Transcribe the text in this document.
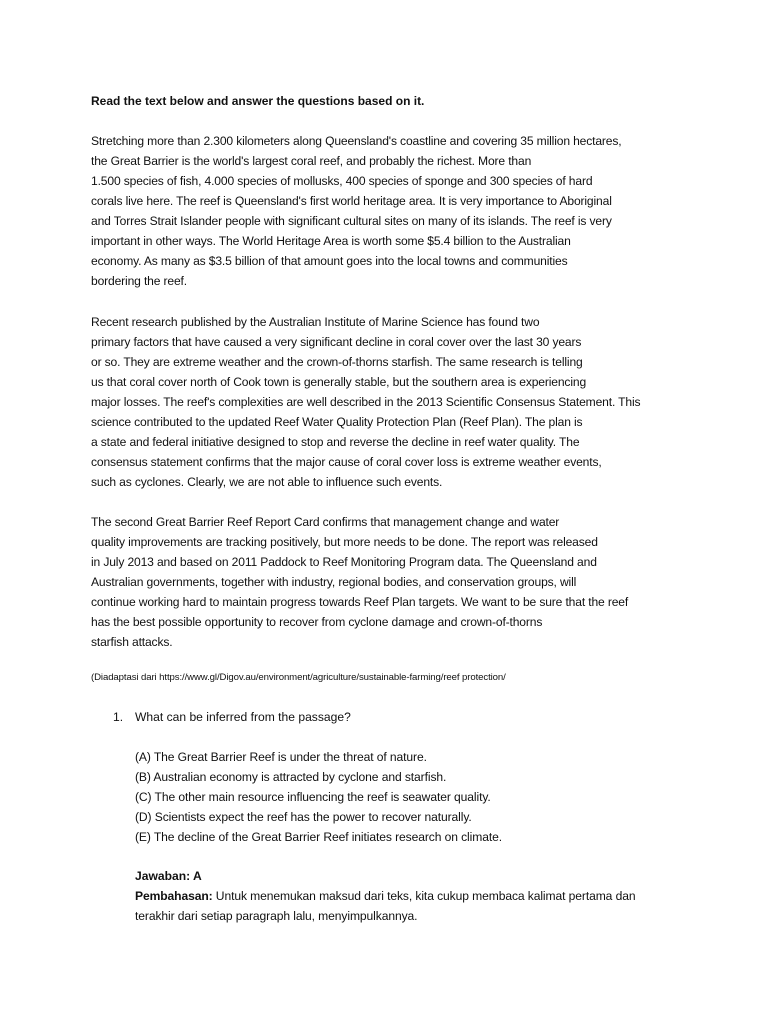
Read the text below and answer the questions based on it.
Stretching more than 2.300 kilometers along Queensland's coastline and covering 35 million hectares,
the Great Barrier is the world's largest coral reef, and probably the richest. More than
1.500 species of fish, 4.000 species of mollusks, 400 species of sponge and 300 species of hard
corals live here. The reef is Queensland's first world heritage area. It is very importance to Aboriginal
and Torres Strait Islander people with significant cultural sites on many of its islands. The reef is very
important in other ways. The World Heritage Area is worth some $5.4 billion to the Australian
economy. As many as $3.5 billion of that amount goes into the local towns and communities
bordering the reef.
Recent research published by the Australian Institute of Marine Science has found two
primary factors that have caused a very significant decline in coral cover over the last 30 years
or so. They are extreme weather and the crown-of-thorns starfish. The same research is telling
us that coral cover north of Cook town is generally stable, but the southern area is experiencing
major losses. The reef's complexities are well described in the 2013 Scientific Consensus Statement. This
science contributed to the updated Reef Water Quality Protection Plan (Reef Plan). The plan is
a state and federal initiative designed to stop and reverse the decline in reef water quality. The
consensus statement confirms that the major cause of coral cover loss is extreme weather events,
such as cyclones. Clearly, we are not able to influence such events.
The second Great Barrier Reef Report Card confirms that management change and water
quality improvements are tracking positively, but more needs to be done. The report was released
in July 2013 and based on 2011 Paddock to Reef Monitoring Program data. The Queensland and
Australian governments, together with industry, regional bodies, and conservation groups, will
continue working hard to maintain progress towards Reef Plan targets. We want to be sure that the reef
has the best possible opportunity to recover from cyclone damage and crown-of-thorns
starfish attacks.
(Diadaptasi dari https://www.gl/Digov.au/environment/agriculture/sustainable-farming/reef protection/
1. What can be inferred from the passage?
(A) The Great Barrier Reef is under the threat of nature.
(B) Australian economy is attracted by cyclone and starfish.
(C) The other main resource influencing the reef is seawater quality.
(D) Scientists expect the reef has the power to recover naturally.
(E) The decline of the Great Barrier Reef initiates research on climate.
Jawaban: A
Pembahasan: Untuk menemukan maksud dari teks, kita cukup membaca kalimat pertama dan
terakhir dari setiap paragraph lalu, menyimpulkannya.
